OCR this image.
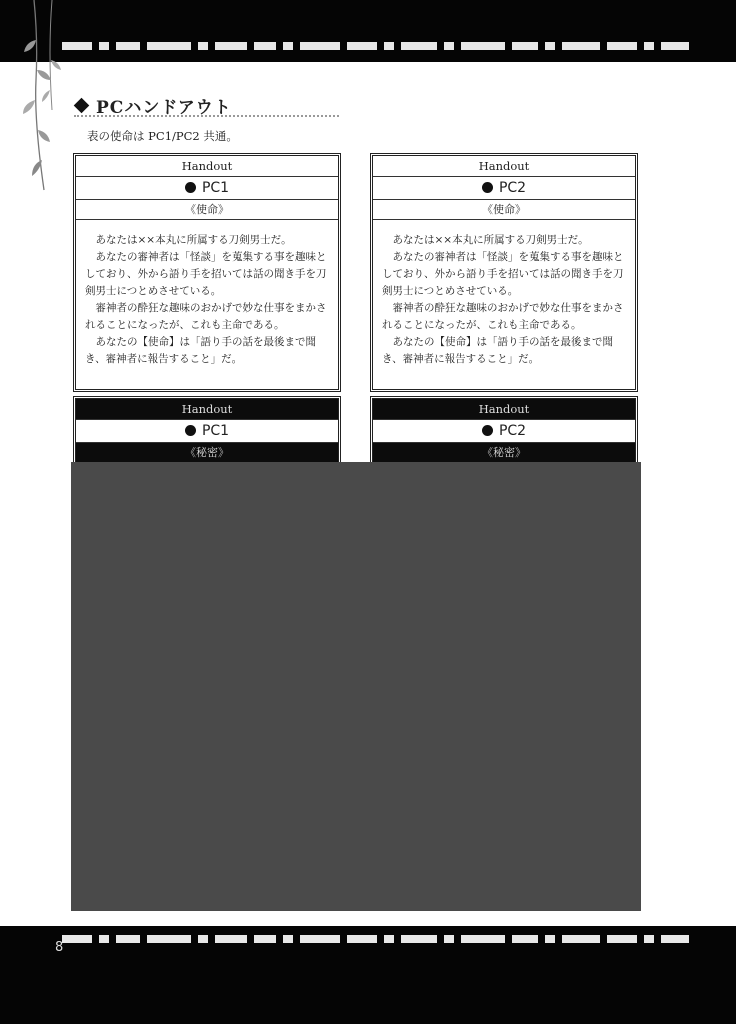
PCハンドアウト
表の使命は PC1/PC2 共通。
Handout
PC1
《使命》

あなたは××本丸に所属する刀剣男士だ。

あなたの審神者は「怪談」を蒐集する事を趣味としており、外から語り手を招いては話の聞き手を刀剣男士につとめさせている。

審神者の酔狂な趣味のおかげで妙な仕事をまかされることになったが、これも主命である。

あなたの【使命】は「語り手の話を最後まで聞き、審神者に報告すること」だ。

Handout
PC2
《使命》

あなたは××本丸に所属する刀剣男士だ。

あなたの審神者は「怪談」を蒐集する事を趣味としており、外から語り手を招いては話の聞き手を刀剣男士につとめさせている。

審神者の酔狂な趣味のおかげで妙な仕事をまかされることになったが、これも主命である。

あなたの【使命】は「語り手の話を最後まで聞き、審神者に報告すること」だ。

Handout
PC1
《秘密》
Handout
PC2
《秘密》
8
